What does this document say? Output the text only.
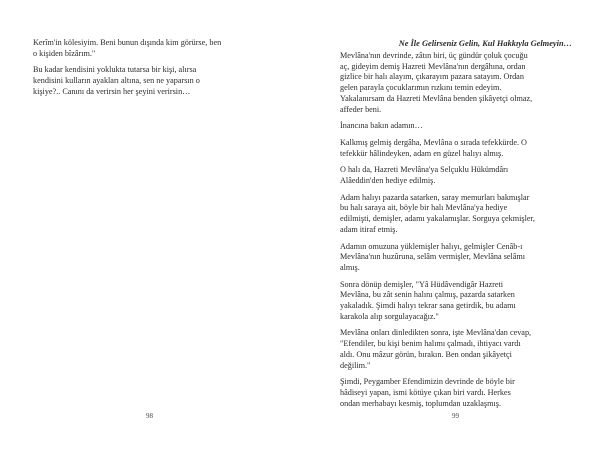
Kerîm'in kölesiyim. Beni bunun dışında kim görürse, ben
o kişiden bîzârım."

Bu kadar kendisini yoklukta tutarsa bir kişi, alırsa
kendisini kulların ayakları altına, sen ne yaparsın o
kişiye?.. Canını da verirsin her şeyini verirsin…

98
Ne İle Gelirseniz Gelin, Kul Hakkıyla Gelmeyin…

Mevlâna'nın devrinde, zâtın biri, üç gündür çoluk çocuğu
aç, gideyim demiş Hazreti Mevlâna'nın dergâhına, ordan
gizlice bir halı alayım, çıkarayım pazara satayım. Ordan
gelen parayla çocuklarımın rızkını temin edeyim.
Yakalanırsam da Hazreti Mevlâna benden şikâyetçi olmaz,
affeder beni.

İnancına bakın adamın…

Kalkmış gelmiş dergâha, Mevlâna o sırada tefekkürde. O
tefekkür hâlindeyken, adam en güzel halıyı almış.

O halı da, Hazreti Mevlâna'ya Selçuklu Hükümdârı
Alâeddin'den hediye edilmiş.

Adam halıyı pazarda satarken, saray memurları bakmışlar
bu halı saraya ait, böyle bir halı Mevlâna'ya hediye
edilmişti, demişler, adamı yakalamışlar. Sorguya çekmişler,
adam itiraf etmiş.

Adamın omuzuna yüklemişler halıyı, gelmişler Cenâb-ı
Mevlâna'nın huzûruna, selâm vermişler, Mevlâna selâmı
almış.

Sonra dönüp demişler, "Yâ Hüdâvendigâr Hazreti
Mevlâna, bu zât senin halını çalmış, pazarda satarken
yakaladık. Şimdi halıyı tekrar sana getirdik, bu adamı
karakola alıp sorgulayacağız."

Mevlâna onları dinledikten sonra, işte Mevlâna'dan cevap,
"Efendiler, bu kişi benim halımı çalmadı, ihtiyacı vardı
aldı. Onu mâzur görün, bırakın. Ben ondan şikâyetçi
değilim."

Şimdi, Peygamber Efendimizin devrinde de böyle bir
hâdiseyi yapan, ismi kötüye çıkan biri vardı. Herkes
ondan merhabayı kesmiş, toplumdan uzaklaşmış.

99
